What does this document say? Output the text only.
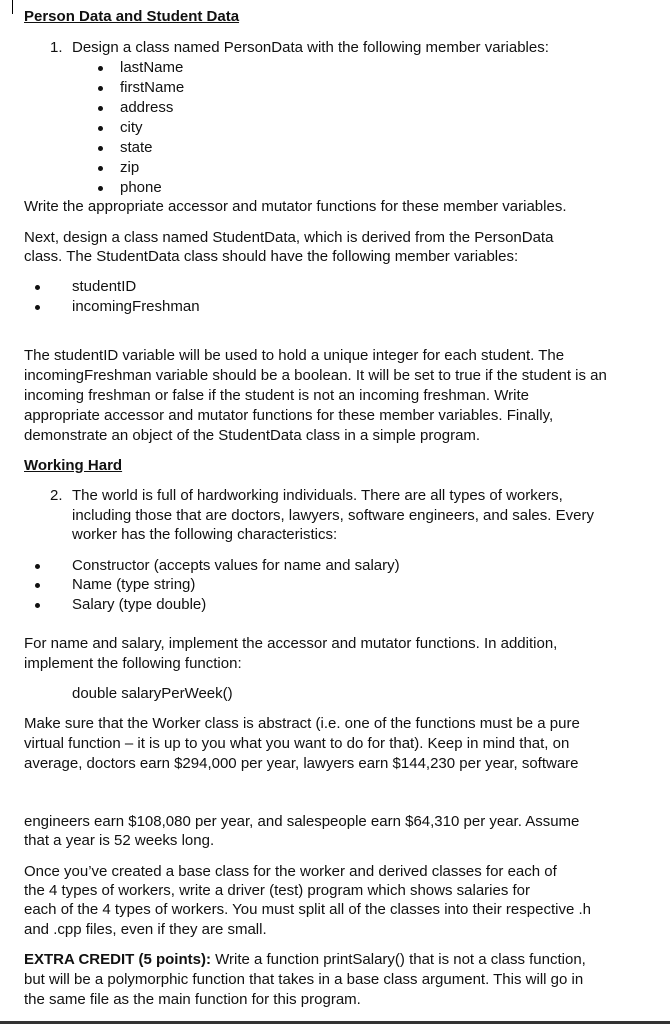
Person Data and Student Data
1. Design a class named PersonData with the following member variables:
lastName
firstName
address
city
state
zip
phone
Write the appropriate accessor and mutator functions for these member variables.
Next, design a class named StudentData, which is derived from the PersonData
class. The StudentData class should have the following member variables:
studentID
incomingFreshman
The studentID variable will be used to hold a unique integer for each student. The
incomingFreshman variable should be a boolean. It will be set to true if the student is an
incoming freshman or false if the student is not an incoming freshman. Write
appropriate accessor and mutator functions for these member variables. Finally,
demonstrate an object of the StudentData class in a simple program.
Working Hard
2. The world is full of hardworking individuals. There are all types of workers,
including those that are doctors, lawyers, software engineers, and sales. Every
worker has the following characteristics:
Constructor (accepts values for name and salary)
Name (type string)
Salary (type double)
For name and salary, implement the accessor and mutator functions. In addition,
implement the following function:
double salaryPerWeek()
Make sure that the Worker class is abstract (i.e. one of the functions must be a pure
virtual function – it is up to you what you want to do for that). Keep in mind that, on
average, doctors earn $294,000 per year, lawyers earn $144,230 per year, software
engineers earn $108,080 per year, and salespeople earn $64,310 per year. Assume
that a year is 52 weeks long.
Once you’ve created a base class for the worker and derived classes for each of
the 4 types of workers, write a driver (test) program which shows salaries for
each of the 4 types of workers. You must split all of the classes into their respective .h
and .cpp files, even if they are small.
EXTRA CREDIT (5 points): Write a function printSalary() that is not a class function,
but will be a polymorphic function that takes in a base class argument. This will go in
the same file as the main function for this program.
